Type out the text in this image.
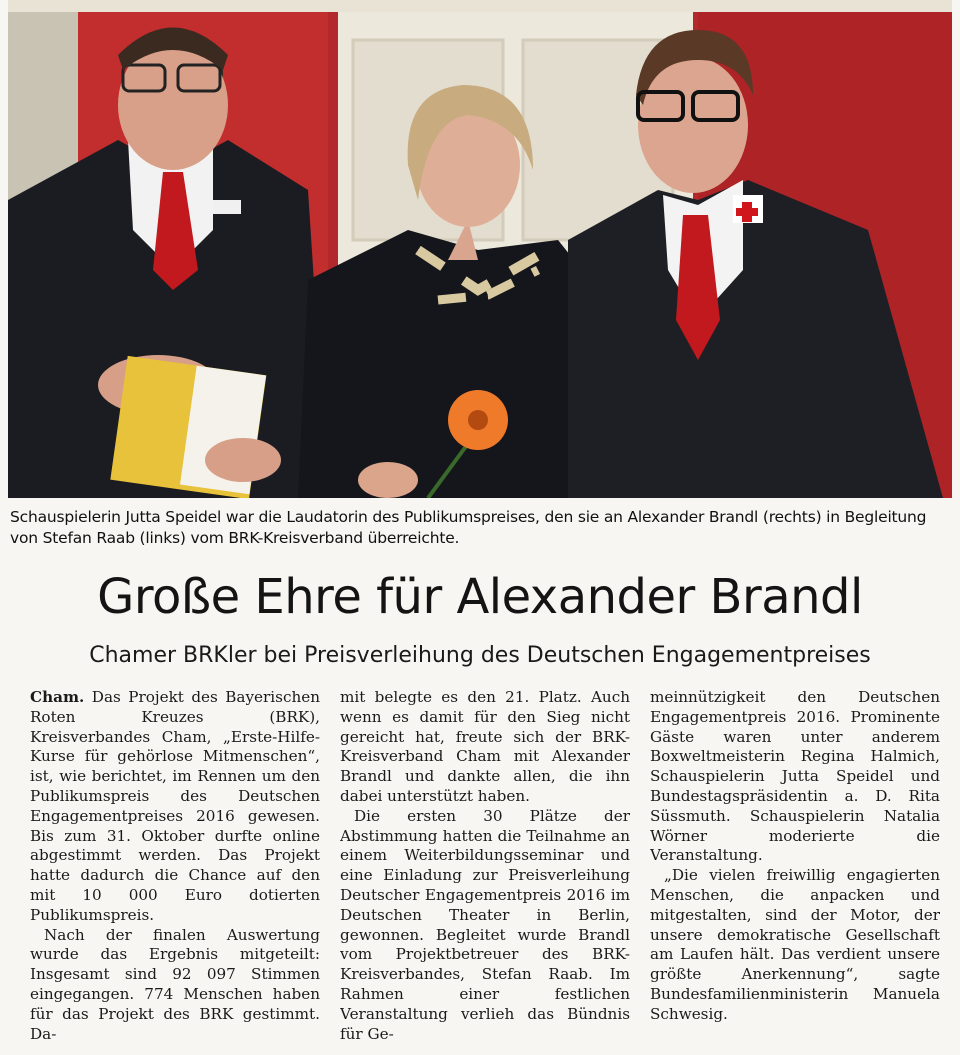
Schauspielerin Jutta Speidel war die Laudatorin des Publikumspreises, den sie an Alexander Brandl (rechts) in Begleitung von Stefan Raab (links) vom BRK-Kreisverband überreichte.
Große Ehre für Alexander Brandl
Chamer BRKler bei Preisverleihung des Deutschen Engagementpreises

Cham. Das Projekt des Bayerischen Roten Kreuzes (BRK), Kreisverbandes Cham, „Erste-Hilfe-Kurse für gehörlose Mitmenschen“, ist, wie berichtet, im Rennen um den Publikumspreis des Deutschen Engagementpreises 2016 gewesen. Bis zum 31. Oktober durfte online abgestimmt werden. Das Projekt hatte dadurch die Chance auf den mit 10 000 Euro dotierten Publikumspreis.

Nach der finalen Auswertung wurde das Ergebnis mitgeteilt: Insgesamt sind 92 097 Stimmen eingegangen. 774 Menschen haben für das Projekt des BRK gestimmt. Da-

mit belegte es den 21. Platz. Auch wenn es damit für den Sieg nicht gereicht hat, freute sich der BRK-Kreisverband Cham mit Alexander Brandl und dankte allen, die ihn dabei unterstützt haben.

Die ersten 30 Plätze der Abstimmung hatten die Teilnahme an einem Weiterbildungsseminar und eine Einladung zur Preisverleihung Deutscher Engagementpreis 2016 im Deutschen Theater in Berlin, gewonnen. Begleitet wurde Brandl vom Projektbetreuer des BRK-Kreisverbandes, Stefan Raab. Im Rahmen einer festlichen Veranstaltung verlieh das Bündnis für Ge-

meinnützigkeit den Deutschen Engagementpreis 2016. Prominente Gäste waren unter anderem Boxweltmeisterin Regina Halmich, Schauspielerin Jutta Speidel und Bundestagspräsidentin a. D. Rita Süssmuth. Schauspielerin Natalia Wörner moderierte die Veranstaltung.

„Die vielen freiwillig engagierten Menschen, die anpacken und mitgestalten, sind der Motor, der unsere demokratische Gesellschaft am Laufen hält. Das verdient unsere größte Anerkennung“, sagte Bundesfamilienministerin Manuela Schwesig.
